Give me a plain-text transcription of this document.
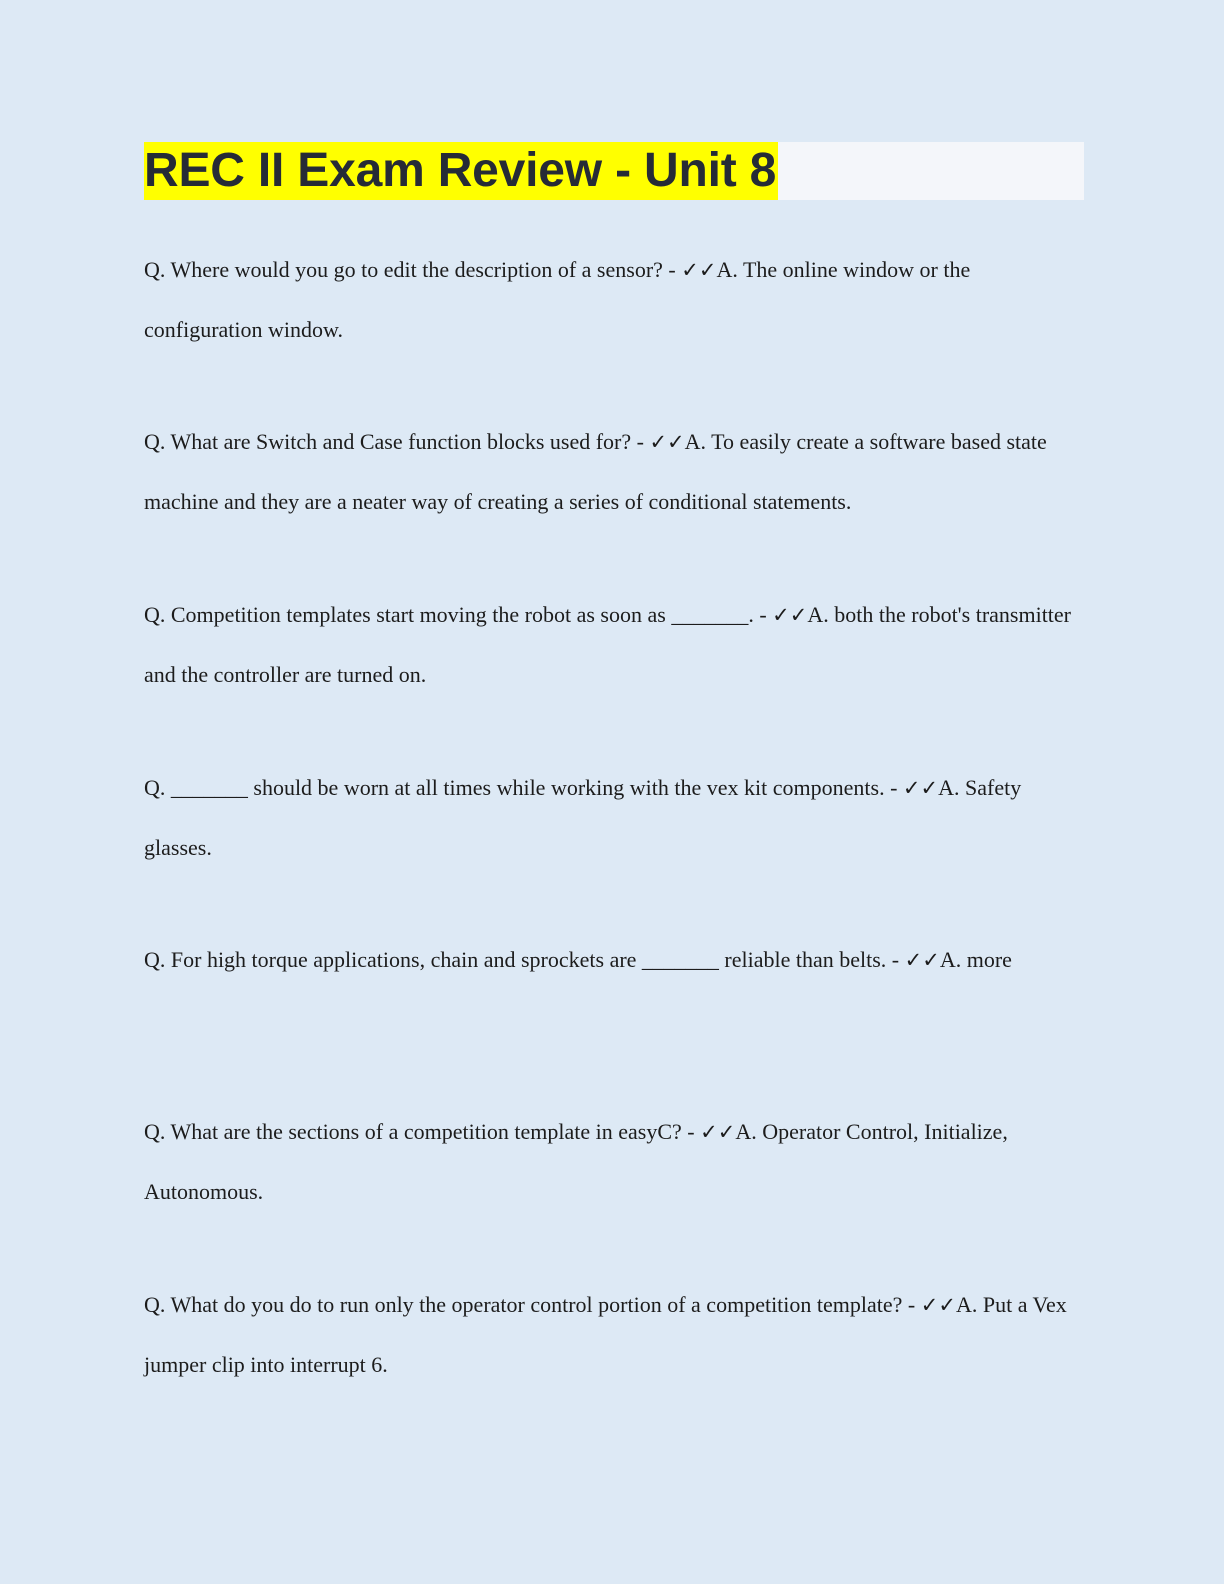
REC II Exam Review - Unit 8

Q. Where would you go to edit the description of a sensor? - ✓✓A. The online window or the configuration window.

Q. What are Switch and Case function blocks used for? - ✓✓A. To easily create a software based state machine and they are a neater way of creating a series of conditional statements.

Q. Competition templates start moving the robot as soon as _______. - ✓✓A. both the robot's transmitter and the controller are turned on.

Q. _______ should be worn at all times while working with the vex kit components. - ✓✓A. Safety glasses.

Q. For high torque applications, chain and sprockets are _______ reliable than belts. - ✓✓A. more

Q. What are the sections of a competition template in easyC? - ✓✓A. Operator Control, Initialize, Autonomous.

Q. What do you do to run only the operator control portion of a competition template? - ✓✓A. Put a Vex jumper clip into interrupt 6.
